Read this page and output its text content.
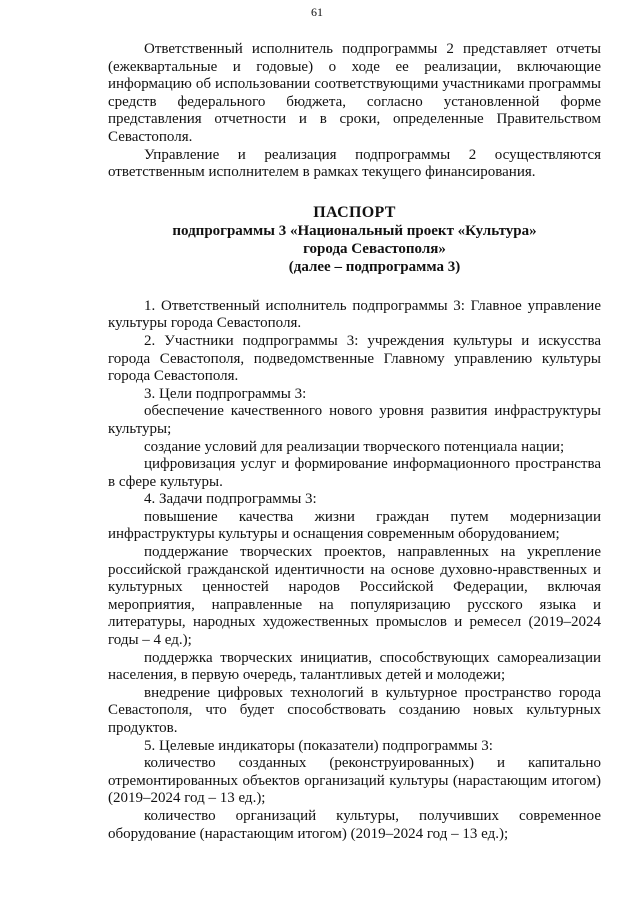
61

Ответственный исполнитель подпрограммы 2 представляет отчеты (ежеквартальные и годовые) о ходе ее реализации, включающие информацию об использовании соответствующими участниками программы средств федерального бюджета, согласно установленной форме представления отчетности и в сроки, определенные Правительством Севастополя.

Управление и реализация подпрограммы 2 осуществляются ответственным исполнителем в рамках текущего финансирования.

ПАСПОРТ
подпрограммы 3 «Национальный проект «Культура»
города Севастополя»
(далее – подпрограмма 3)

1. Ответственный исполнитель подпрограммы 3: Главное управление культуры города Севастополя.

2. Участники подпрограммы 3: учреждения культуры и искусства города Севастополя, подведомственные Главному управлению культуры города Севастополя.

3. Цели подпрограммы 3:

обеспечение качественного нового уровня развития инфраструктуры культуры;

создание условий для реализации творческого потенциала нации;

цифровизация услуг и формирование информационного пространства в сфере культуры.

4. Задачи подпрограммы 3:

повышение качества жизни граждан путем модернизации инфраструктуры культуры и оснащения современным оборудованием;

поддержание творческих проектов, направленных на укрепление российской гражданской идентичности на основе духовно-нравственных и культурных ценностей народов Российской Федерации, включая мероприятия, направленные на популяризацию русского языка и литературы, народных художественных промыслов и ремесел (2019–2024 годы – 4 ед.);

поддержка творческих инициатив, способствующих самореализации населения, в первую очередь, талантливых детей и молодежи;

внедрение цифровых технологий в культурное пространство города Севастополя, что будет способствовать созданию новых культурных продуктов.

5. Целевые индикаторы (показатели) подпрограммы 3:

количество созданных (реконструированных) и капитально отремонтированных объектов организаций культуры (нарастающим итогом) (2019–2024 год – 13 ед.);

количество организаций культуры, получивших современное оборудование (нарастающим итогом) (2019–2024 год – 13 ед.);
